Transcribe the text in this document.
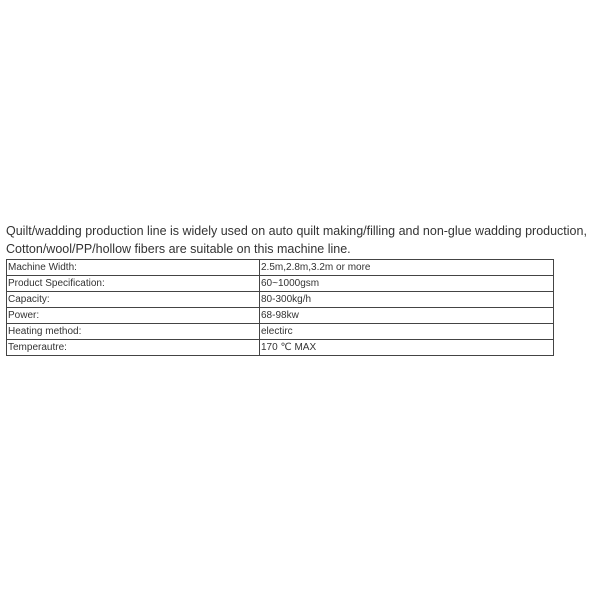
Quilt/wadding production line is widely used on auto quilt making/filling and non-glue wadding production,

Cotton/wool/PP/hollow fibers are suitable on this machine line.

Machine Width:	2.5m,2.8m,3.2m or more
Product Specification:	60~1000gsm
Capacity:	80-300kg/h
Power:	68-98kw
Heating method:	electirc
Temperautre:	170 ℃ MAX
